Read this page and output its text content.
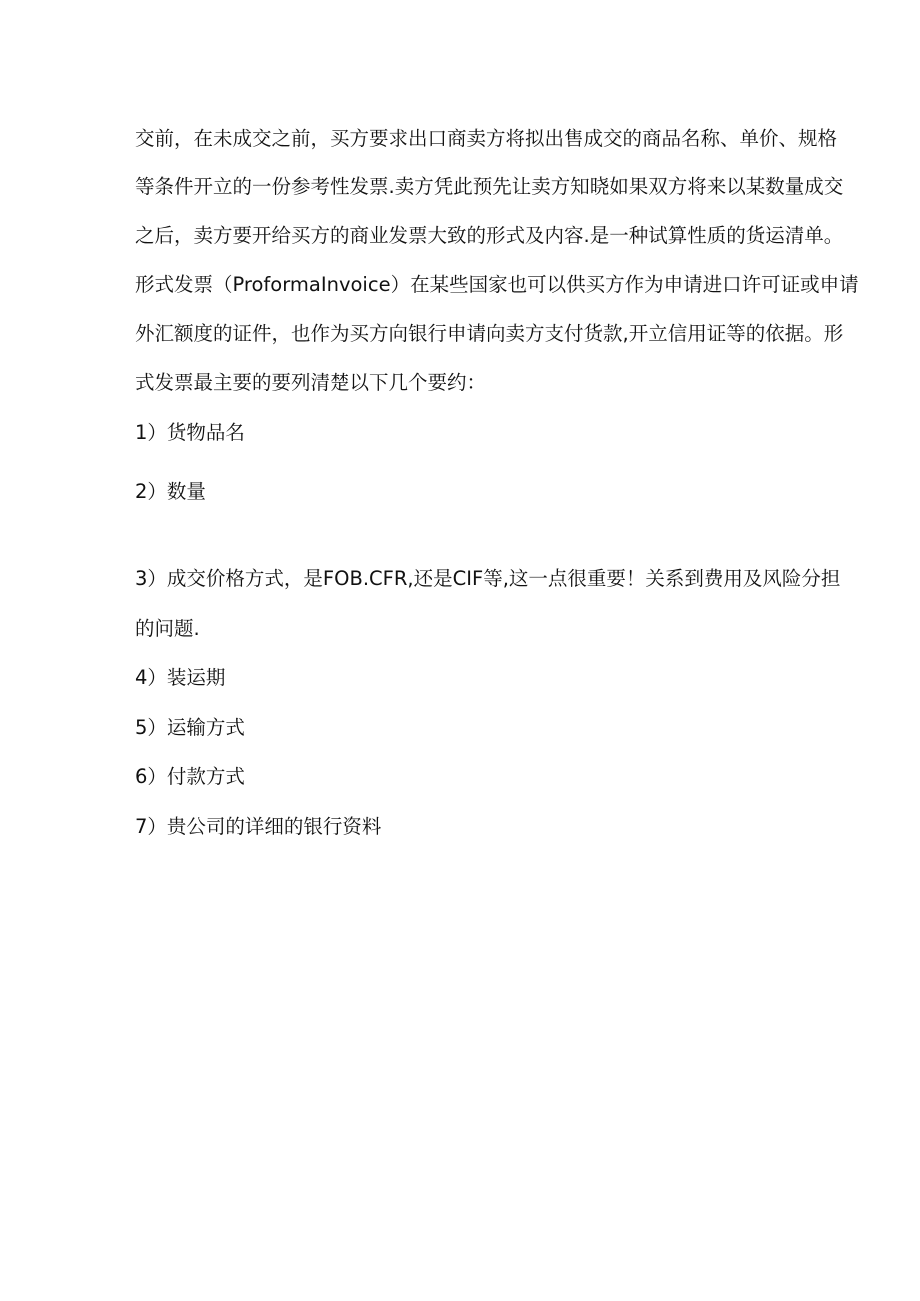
交前，在未成交之前，买方要求出口商卖方将拟出售成交的商品名称、单价、规格
等条件开立的一份参考性发票.卖方凭此预先让卖方知晓如果双方将来以某数量成交
之后，卖方要开给买方的商业发票大致的形式及内容.是一种试算性质的货运清单。
形式发票（ProformaInvoice）在某些国家也可以供买方作为申请进口许可证或申请
外汇额度的证件，也作为买方向银行申请向卖方支付货款,开立信用证等的依据。形
式发票最主要的要列清楚以下几个要约：
1）货物品名
2）数量
3）成交价格方式，是FOB.CFR,还是CIF等,这一点很重要！关系到费用及风险分担
的问题.
4）装运期
5）运输方式
6）付款方式
7）贵公司的详细的银行资料
